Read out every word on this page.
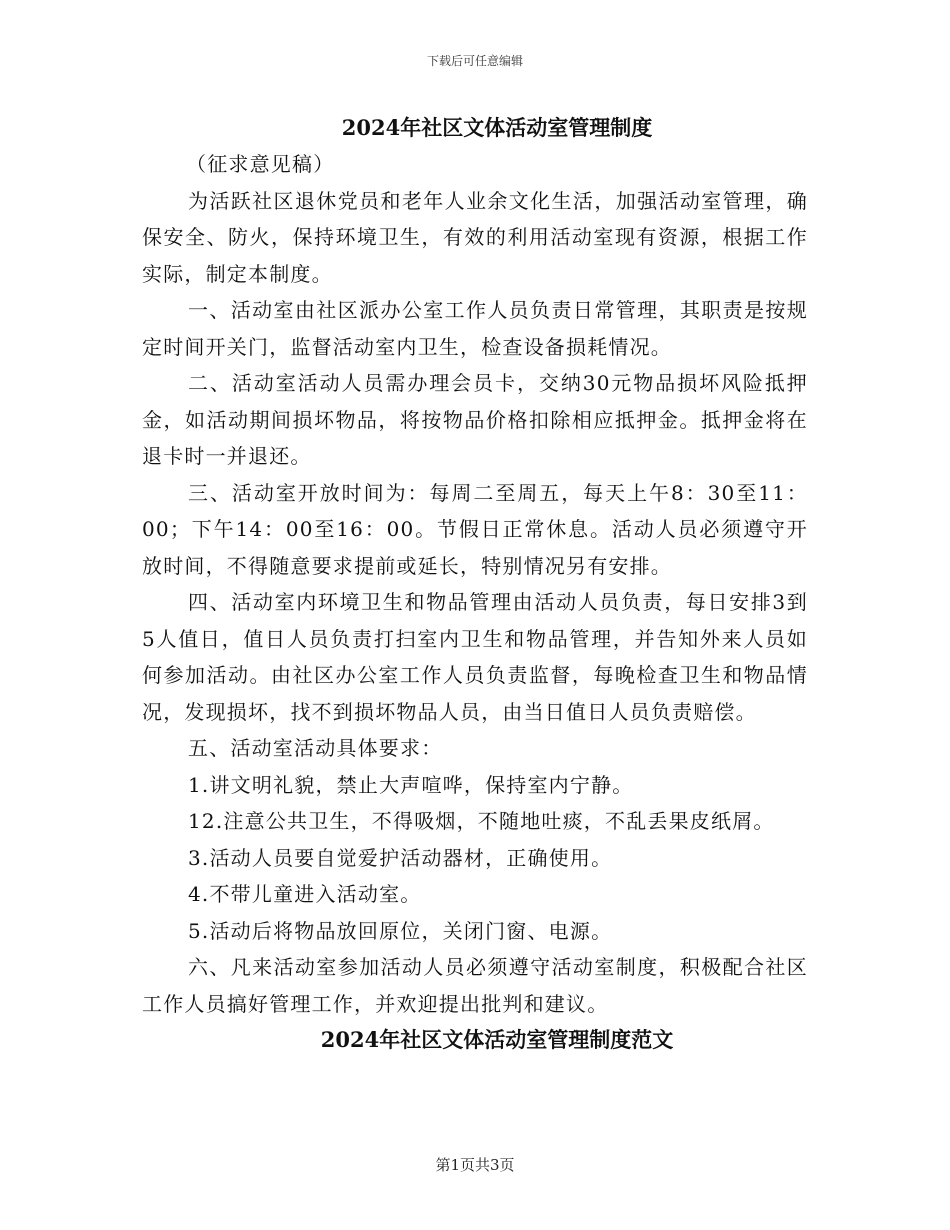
下载后可任意编辑
2024年社区文体活动室管理制度

（征求意见稿）

为活跃社区退休党员和老年人业余文化生活，加强活动室管理，确保安全、防火，保持环境卫生，有效的利用活动室现有资源，根据工作实际，制定本制度。

一、活动室由社区派办公室工作人员负责日常管理，其职责是按规定时间开关门，监督活动室内卫生，检查设备损耗情况。

二、活动室活动人员需办理会员卡，交纳30元物品损坏风险抵押金，如活动期间损坏物品，将按物品价格扣除相应抵押金。抵押金将在退卡时一并退还。

三、活动室开放时间为：每周二至周五，每天上午8：30至11：00；下午14：00至16：00。节假日正常休息。活动人员必须遵守开放时间，不得随意要求提前或延长，特别情况另有安排。

四、活动室内环境卫生和物品管理由活动人员负责，每日安排3到5人值日，值日人员负责打扫室内卫生和物品管理，并告知外来人员如何参加活动。由社区办公室工作人员负责监督，每晚检查卫生和物品情况，发现损坏，找不到损坏物品人员，由当日值日人员负责赔偿。

五、活动室活动具体要求：

1.讲文明礼貌，禁止大声喧哗，保持室内宁静。

12.注意公共卫生，不得吸烟，不随地吐痰，不乱丢果皮纸屑。

3.活动人员要自觉爱护活动器材，正确使用。

4.不带儿童进入活动室。

5.活动后将物品放回原位，关闭门窗、电源。

六、凡来活动室参加活动人员必须遵守活动室制度，积极配合社区工作人员搞好管理工作，并欢迎提出批判和建议。

2024年社区文体活动室管理制度范文
第1页共3页
